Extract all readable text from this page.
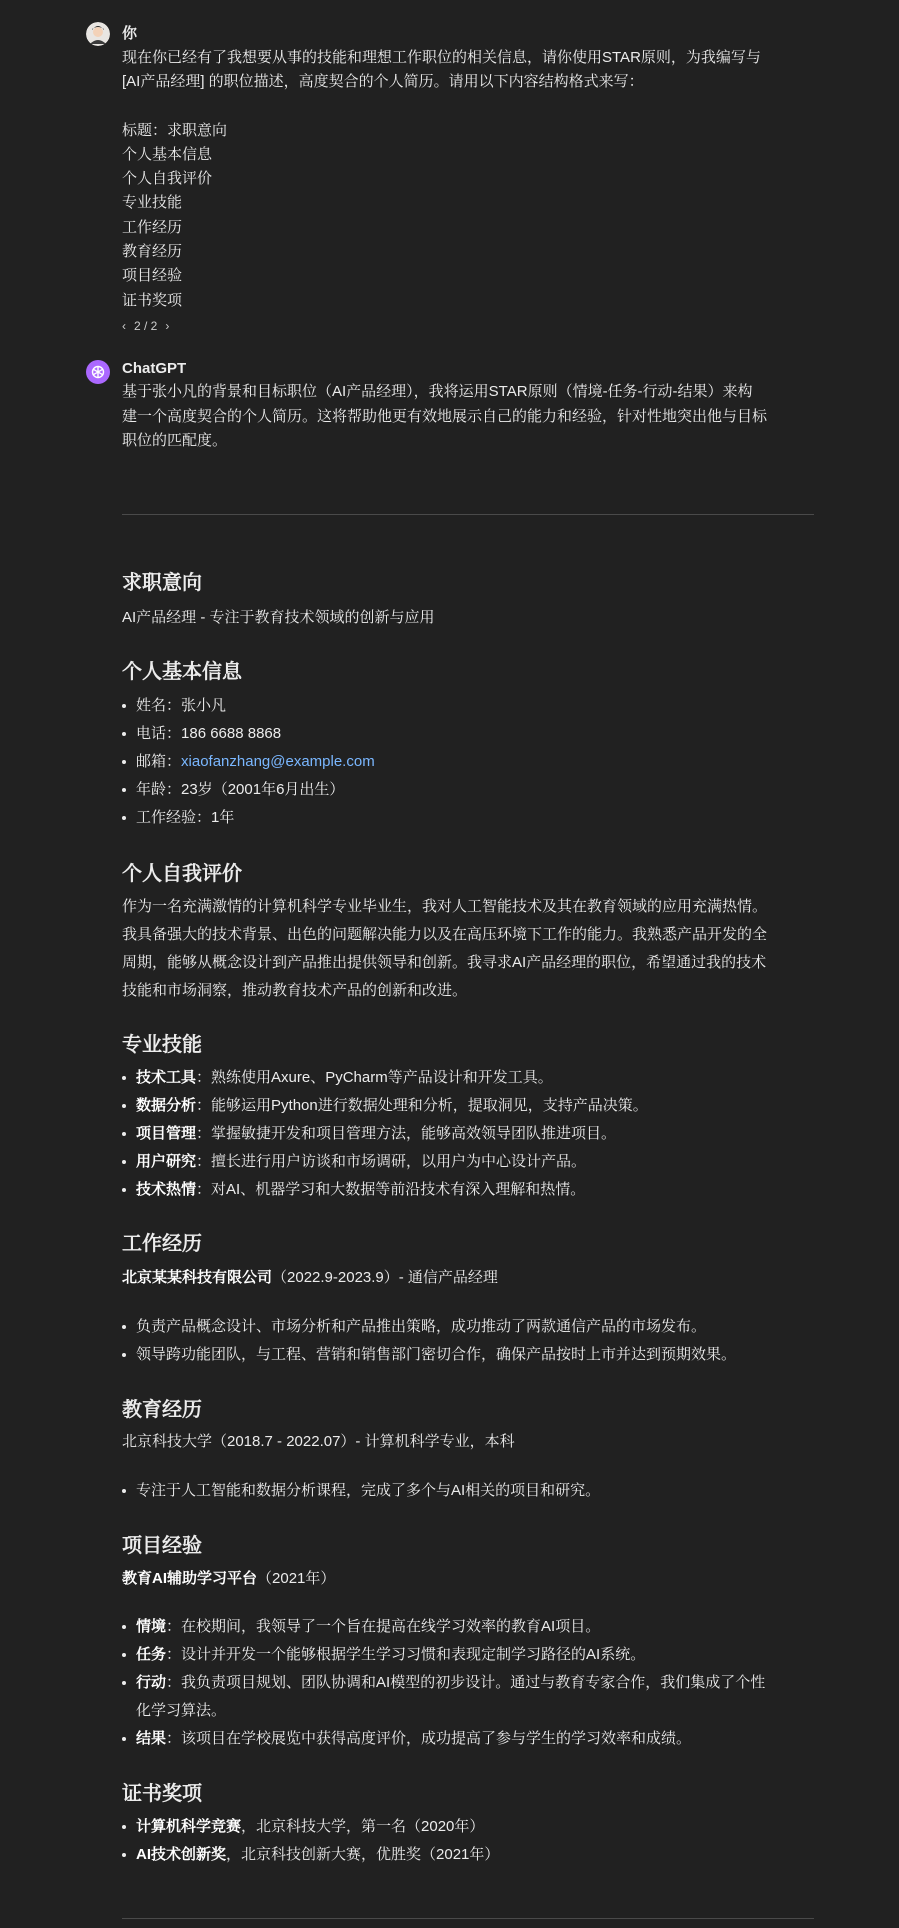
你
现在你已经有了我想要从事的技能和理想工作职位的相关信息，请你使用STAR原则，为我编写与
[AI产品经理] 的职位描述，高度契合的个人简历。请用以下内容结构格式来写：
标题：求职意向
个人基本信息
个人自我评价
专业技能
工作经历
教育经历
项目经验
证书奖项
‹ 2 / 2 ›
ChatGPT
基于张小凡的背景和目标职位（AI产品经理），我将运用STAR原则（情境-任务-行动-结果）来构
建一个高度契合的个人简历。这将帮助他更有效地展示自己的能力和经验，针对性地突出他与目标
职位的匹配度。
求职意向
AI产品经理 - 专注于教育技术领域的创新与应用
个人基本信息
姓名：张小凡
电话：186 6688 8868
邮箱：xiaofanzhang@example.com
年龄：23岁（2001年6月出生）
工作经验：1年
个人自我评价
作为一名充满激情的计算机科学专业毕业生，我对人工智能技术及其在教育领域的应用充满热情。
我具备强大的技术背景、出色的问题解决能力以及在高压环境下工作的能力。我熟悉产品开发的全
周期，能够从概念设计到产品推出提供领导和创新。我寻求AI产品经理的职位，希望通过我的技术
技能和市场洞察，推动教育技术产品的创新和改进。
专业技能
技术工具：熟练使用Axure、PyCharm等产品设计和开发工具。
数据分析：能够运用Python进行数据处理和分析，提取洞见，支持产品决策。
项目管理：掌握敏捷开发和项目管理方法，能够高效领导团队推进项目。
用户研究：擅长进行用户访谈和市场调研，以用户为中心设计产品。
技术热情：对AI、机器学习和大数据等前沿技术有深入理解和热情。
工作经历
北京某某科技有限公司（2022.9-2023.9）- 通信产品经理
负责产品概念设计、市场分析和产品推出策略，成功推动了两款通信产品的市场发布。
领导跨功能团队，与工程、营销和销售部门密切合作，确保产品按时上市并达到预期效果。
教育经历
北京科技大学（2018.7 - 2022.07）- 计算机科学专业，本科
专注于人工智能和数据分析课程，完成了多个与AI相关的项目和研究。
项目经验
教育AI辅助学习平台（2021年）
情境：在校期间，我领导了一个旨在提高在线学习效率的教育AI项目。
任务：设计并开发一个能够根据学生学习习惯和表现定制学习路径的AI系统。
行动：我负责项目规划、团队协调和AI模型的初步设计。通过与教育专家合作，我们集成了个性
化学习算法。
结果：该项目在学校展览中获得高度评价，成功提高了参与学生的学习效率和成绩。
证书奖项
计算机科学竞赛，北京科技大学，第一名（2020年）
AI技术创新奖，北京科技创新大赛，优胜奖（2021年）
